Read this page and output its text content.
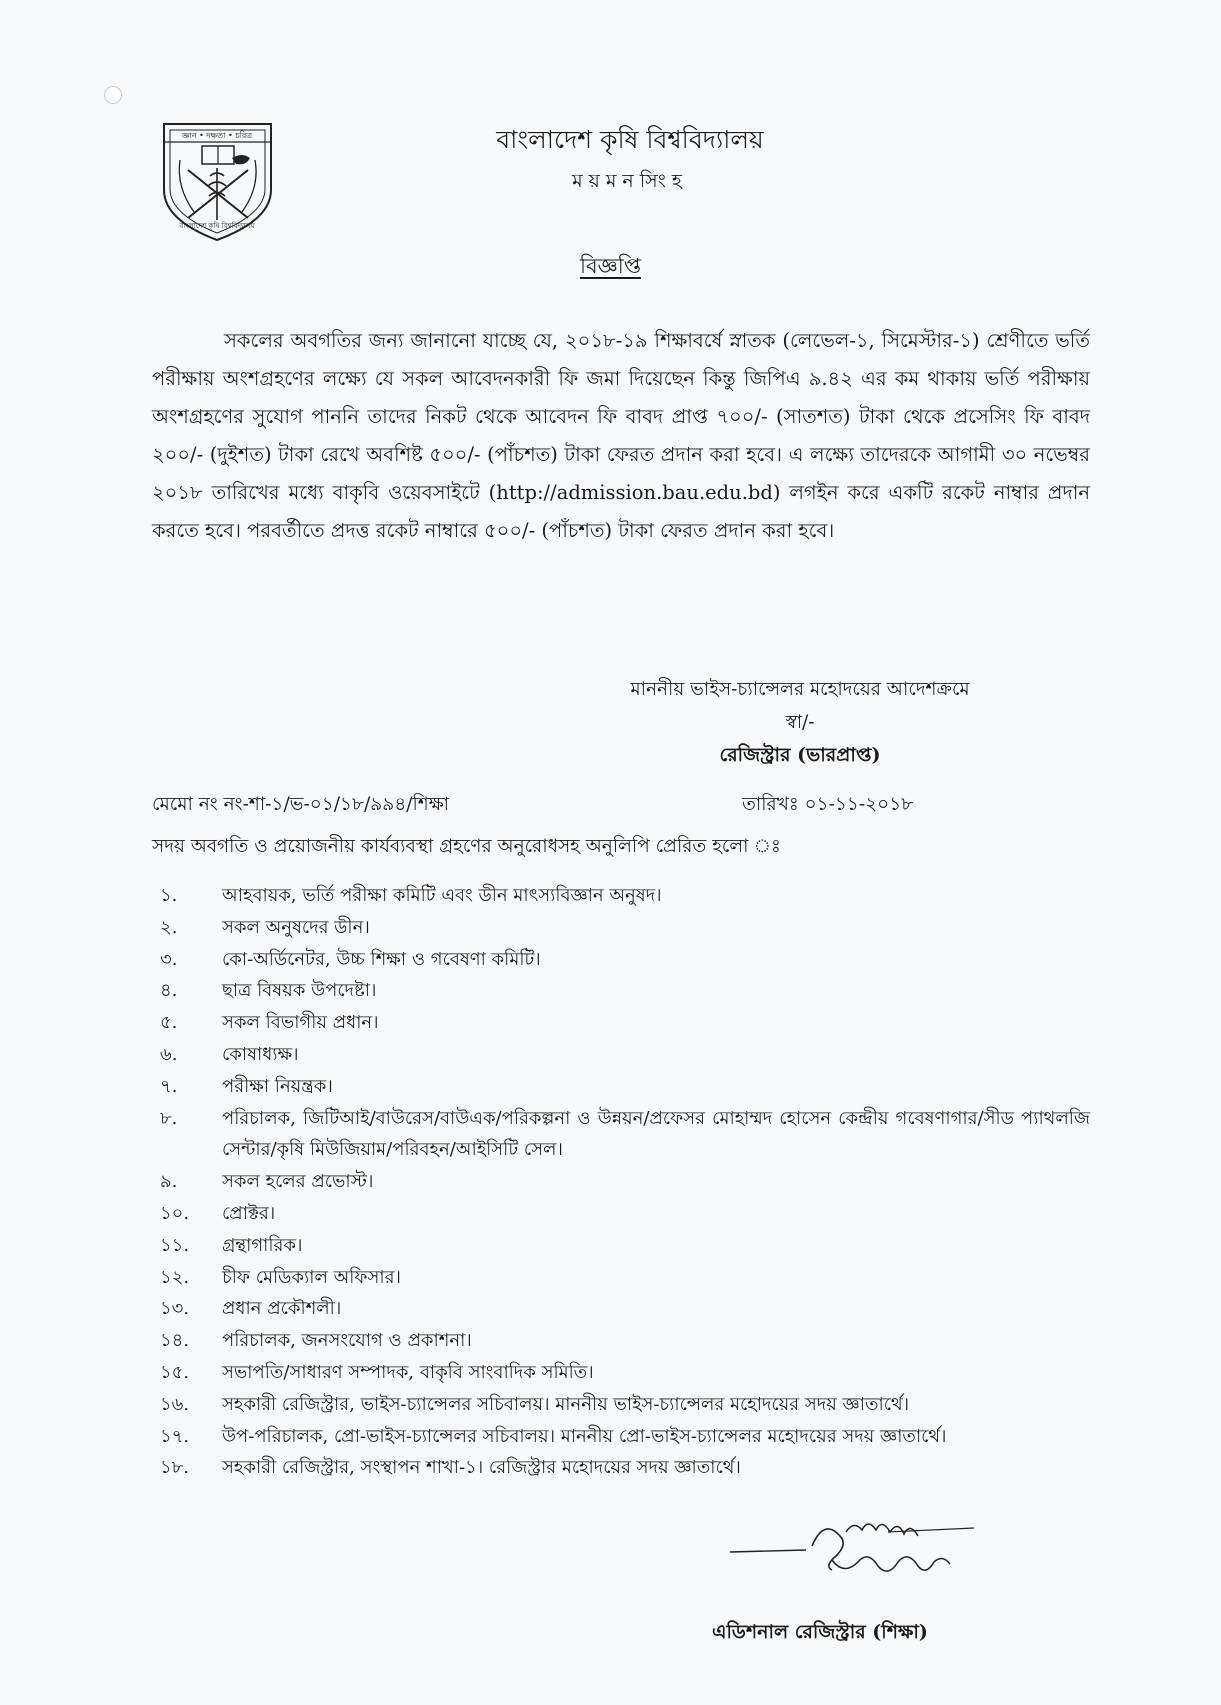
জ্ঞান • দক্ষতা • চরিত্র
বাংলাদেশ কৃষি বিশ্ববিদ্যালয়
বাংলাদেশ কৃষি বিশ্ববিদ্যালয়
ময়মনসিংহ
বিজ্ঞপ্তি

সকলের অবগতির জন্য জানানো যাচ্ছে যে, ২০১৮-১৯ শিক্ষাবর্ষে স্নাতক (লেভেল-১, সিমেস্টার-১) শ্রেণীতে ভর্তি পরীক্ষায় অংশগ্রহণের লক্ষ্যে যে সকল আবেদনকারী ফি জমা দিয়েছেন কিন্তু জিপিএ ৯.৪২ এর কম থাকায় ভর্তি পরীক্ষায় অংশগ্রহণের সুযোগ পাননি তাদের নিকট থেকে আবেদন ফি বাবদ প্রাপ্ত ৭০০/- (সাতশত) টাকা থেকে প্রসেসিং ফি বাবদ ২০০/- (দুইশত) টাকা রেখে অবশিষ্ট ৫০০/- (পাঁচশত) টাকা ফেরত প্রদান করা হবে। এ লক্ষ্যে তাদেরকে আগামী ৩০ নভেম্বর ২০১৮ তারিখের মধ্যে বাকৃবি ওয়েবসাইটে (http://admission.bau.edu.bd) লগইন করে একটি রকেট নাম্বার প্রদান করতে হবে। পরবর্তীতে প্রদত্ত রকেট নাম্বারে ৫০০/- (পাঁচশত) টাকা ফেরত প্রদান করা হবে।

মাননীয় ভাইস-চ্যান্সেলর মহোদয়ের আদেশক্রমে
স্বা/-
রেজিস্ট্রার (ভারপ্রাপ্ত)
মেমো নং নং-শা-১/ভ-০১/১৮/৯৯৪/শিক্ষা	তারিখঃ ০১-১১-২০১৮
সদয় অবগতি ও প্রয়োজনীয় কার্যব্যবস্থা গ্রহণের অনুরোধসহ অনুলিপি প্রেরিত হলো ঃ
১. আহবায়ক, ভর্তি পরীক্ষা কমিটি এবং ডীন মাৎস্যবিজ্ঞান অনুষদ।
২. সকল অনুষদের ডীন।
৩. কো-অর্ডিনেটর, উচ্চ শিক্ষা ও গবেষণা কমিটি।
৪. ছাত্র বিষয়ক উপদেষ্টা।
৫. সকল বিভাগীয় প্রধান।
৬. কোষাধ্যক্ষ।
৭. পরীক্ষা নিয়ন্ত্রক।
৮. পরিচালক, জিটিআই/বাউরেস/বাউএক/পরিকল্পনা ও উন্নয়ন/প্রফেসর মোহাম্মদ হোসেন কেন্দ্রীয় গবেষণাগার/সীড প্যাথলজি সেন্টার/কৃষি মিউজিয়াম/পরিবহন/আইসিটি সেল।
৯. সকল হলের প্রভোস্ট।
১০. প্রোক্টর।
১১. গ্রন্থাগারিক।
১২. চীফ মেডিক্যাল অফিসার।
১৩. প্রধান প্রকৌশলী।
১৪. পরিচালক, জনসংযোগ ও প্রকাশনা।
১৫. সভাপতি/সাধারণ সম্পাদক, বাকৃবি সাংবাদিক সমিতি।
১৬. সহকারী রেজিস্ট্রার, ভাইস-চ্যান্সেলর সচিবালয়। মাননীয় ভাইস-চ্যান্সেলর মহোদয়ের সদয় জ্ঞাতার্থে।
১৭. উপ-পরিচালক, প্রো-ভাইস-চ্যান্সেলর সচিবালয়। মাননীয় প্রো-ভাইস-চ্যান্সেলর মহোদয়ের সদয় জ্ঞাতার্থে।
১৮. সহকারী রেজিস্ট্রার, সংস্থাপন শাখা-১। রেজিস্ট্রার মহোদয়ের সদয় জ্ঞাতার্থে।
এডিশনাল রেজিস্ট্রার (শিক্ষা)
